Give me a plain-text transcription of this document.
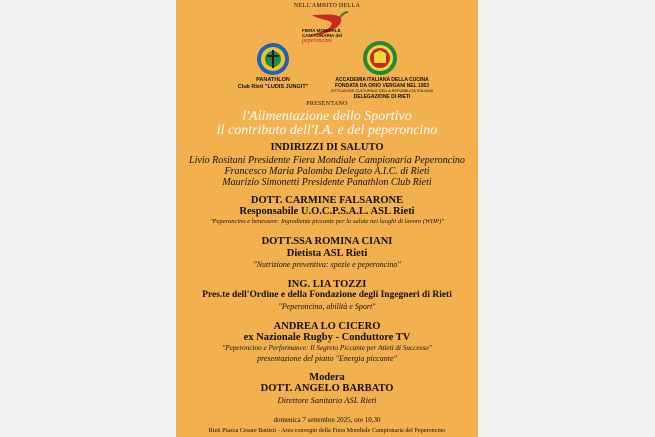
NELL'AMBITO DELLA
FIERA MONDIALE
CAMPIONARIA del
peperoncino
PANATHLON
Club Rieti "LUDIS JUNGIT"
ACCADEMIA ITALIANA DELLA CUCINA
FONDATA DA ORIO VERGANI NEL 1953
ISTITUZIONE CULTURALE DELLA REPUBBLICA ITALIANA
DELEGAZIONE DI RIETI
PRESENTANO
l'Alimentazione dello Sportivo
il contributo dell'I.A. e del peperoncino
INDIRIZZI DI SALUTO
Livio Rositani Presidente Fiera Mondiale Campionaria Peperoncino
Francesco Maria Palomba Delegato A.I.C. di Rieti
Maurizio Simonetti Presidente Panathlon Club Rieti
DOTT. CARMINE FALSARONE
Responsabile U.O.C.P.S.A.L. ASL Rieti
"Peperoncino e benessere: Ingrediente piccante per la salute nei luoghi di lavoro (WHP)"
DOTT.SSA ROMINA CIANI
Dietista ASL Rieti
"Nutrizione preventiva: spezie e peperoncino"
ING. LIA TOZZI
Pres.te dell'Ordine e della Fondazione degli Ingegneri di Rieti
"Peperoncino, abilità e Sport"
ANDREA LO CICERO
ex Nazionale Rugby - Conduttore TV
"Peperoncino e Performance: Il Segreto Piccante per Atleti di Successo"
presentazione del piatto "Energia piccante"
Modera
DOTT. ANGELO BARBATO
Direttore Sanitario ASL Rieti
domenica 7 settembre 2025, ore 10,30
Rieti Piazza Cesare Battisti - Area convegni della Fiera Mondiale Campionaria del Peperoncino
